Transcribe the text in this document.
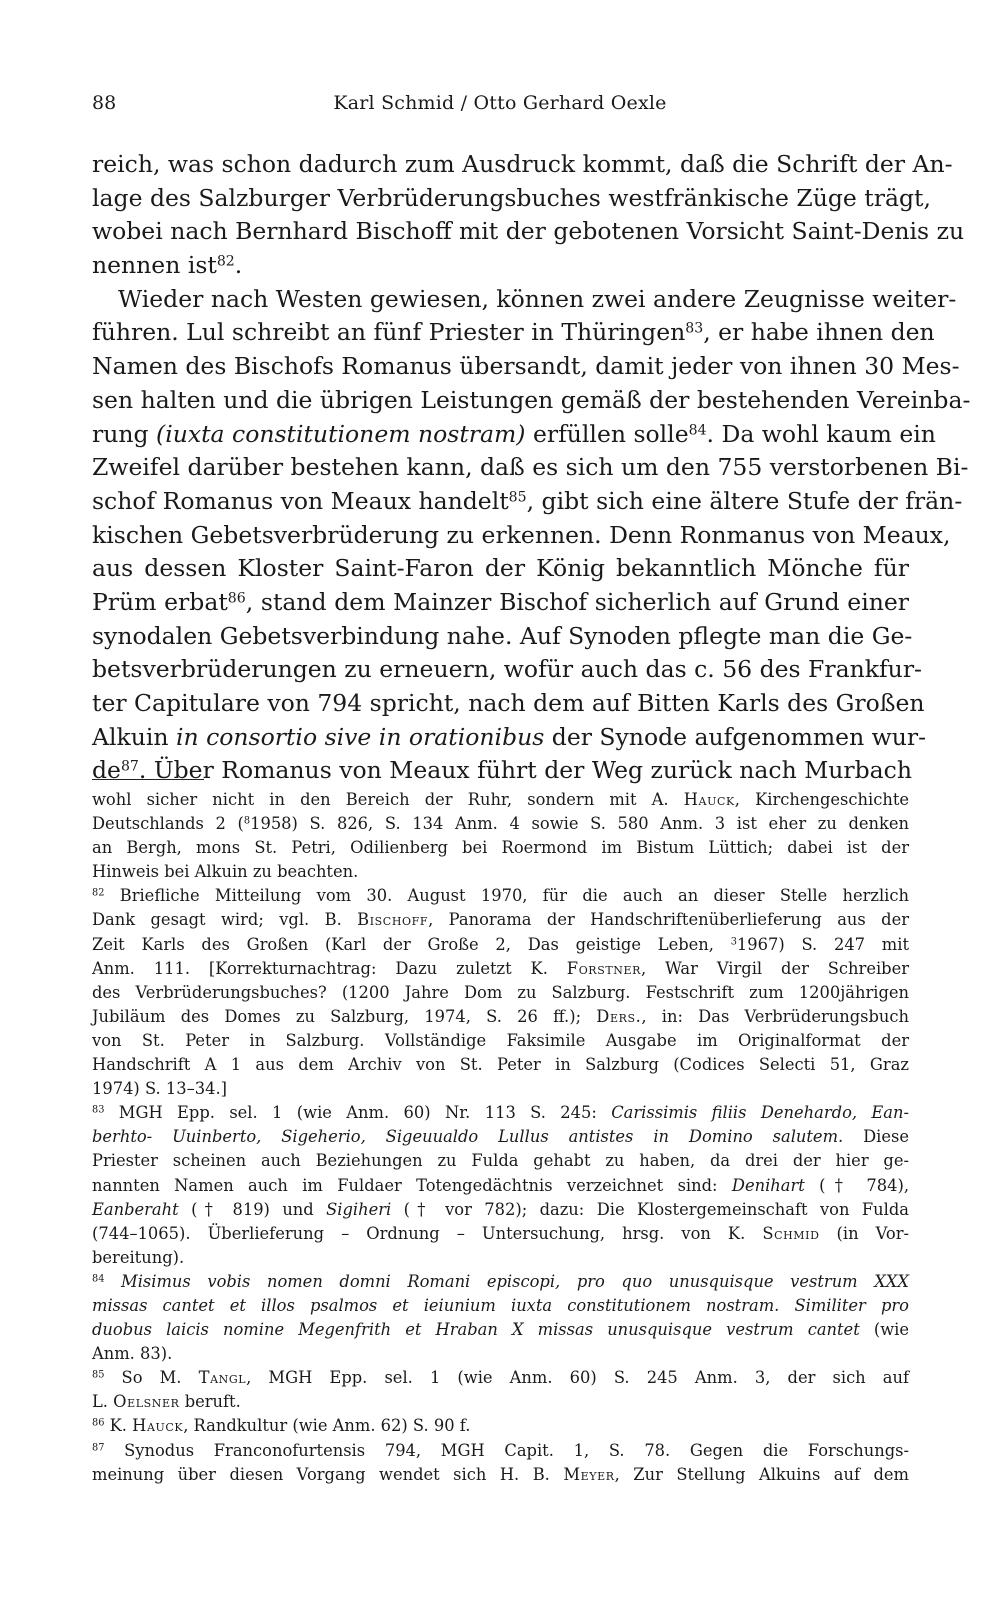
88	Karl Schmid / Otto Gerhard Oexle
reich, was schon dadurch zum Ausdruck kommt, daß die Schrift der An-
lage des Salzburger Verbrüderungsbuches westfränkische Züge trägt,
wobei nach Bernhard Bischoff mit der gebotenen Vorsicht Saint-Denis zu
nennen ist$^{82}$.
Wieder nach Westen gewiesen, können zwei andere Zeugnisse weiter-
führen. Lul schreibt an fünf Priester in Thüringen$^{83}$, er habe ihnen den
Namen des Bischofs Romanus übersandt, damit jeder von ihnen 30 Mes-
sen halten und die übrigen Leistungen gemäß der bestehenden Vereinba-
rung (iuxta constitutionem nostram) erfüllen solle$^{84}$. Da wohl kaum ein
Zweifel darüber bestehen kann, daß es sich um den 755 verstorbenen Bi-
schof Romanus von Meaux handelt$^{85}$, gibt sich eine ältere Stufe der frän-
kischen Gebetsverbrüderung zu erkennen. Denn Ronmanus von Meaux,
aus dessen Kloster Saint-Faron der König bekanntlich Mönche für
Prüm erbat$^{86}$, stand dem Mainzer Bischof sicherlich auf Grund einer
synodalen Gebetsverbindung nahe. Auf Synoden pflegte man die Ge-
betsverbrüderungen zu erneuern, wofür auch das c. 56 des Frankfur-
ter Capitulare von 794 spricht, nach dem auf Bitten Karls des Großen
Alkuin in consortio sive in orationibus der Synode aufgenommen wur-
$de^{87}$. Über Romanus von Meaux führt der Weg zurück nach Murbach
wohl sicher nicht in den Bereich der Ruhr, sondern mit A. Hauck, Kirchengeschichte
Deutschlands 2 ($^8$1958) S. 826, S. 134 Anm. 4 sowie S. 580 Anm. 3 ist eher zu denken
an Bergh, mons St. Petri, Odilienberg bei Roermond im Bistum Lüttich; dabei ist der
Hinweis bei Alkuin zu beachten.
$^{82}$ Briefliche Mitteilung vom 30. August 1970, für die auch an dieser Stelle herzlich
Dank gesagt wird; vgl. B. Bischoff, Panorama der Handschriftenüberlieferung aus der
Zeit Karls des Großen (Karl der Große 2, Das geistige Leben, $^3$1967) S. 247 mit
Anm. 111. [Korrekturnachtrag: Dazu zuletzt K. Forstner, War Virgil der Schreiber
des Verbrüderungsbuches? (1200 Jahre Dom zu Salzburg. Festschrift zum 1200jährigen
Jubiläum des Domes zu Salzburg, 1974, S. 26 ff.); Ders., in: Das Verbrüderungsbuch
von St. Peter in Salzburg. Vollständige Faksimile Ausgabe im Originalformat der
Handschrift A 1 aus dem Archiv von St. Peter in Salzburg (Codices Selecti 51, Graz
1974) S. 13–34.]
$^{83}$ MGH Epp. sel. 1 (wie Anm. 60) Nr. 113 S. 245: Carissimis filiis Denehardo, Ean-
berhto- Uuinberto, Sigeherio, Sigeuualdo Lullus antistes in Domino salutem. Diese
Priester scheinen auch Beziehungen zu Fulda gehabt zu haben, da drei der hier ge-
nannten Namen auch im Fuldaer Totengedächtnis verzeichnet sind: Denihart († 784),
Eanberaht († 819) und Sigiheri († vor 782); dazu: Die Klostergemeinschaft von Fulda
(744–1065). Überlieferung – Ordnung – Untersuchung, hrsg. von K. Schmid (in Vor-
bereitung).
$^{84}$ Misimus vobis nomen domni Romani episcopi, pro quo unusquisque vestrum XXX
missas cantet et illos psalmos et ieiunium iuxta constitutionem nostram. Similiter pro
duobus laicis nomine Megenfrith et Hraban X missas unusquisque vestrum cantet (wie
Anm. 83).
$^{85}$ So M. Tangl, MGH Epp. sel. 1 (wie Anm. 60) S. 245 Anm. 3, der sich auf
L. Oelsner beruft.
$^{86}$ K. Hauck, Randkultur (wie Anm. 62) S. 90 f.
$^{87}$ Synodus Franconofurtensis 794, MGH Capit. 1, S. 78. Gegen die Forschungs-
meinung über diesen Vorgang wendet sich H. B. Meyer, Zur Stellung Alkuins auf dem
